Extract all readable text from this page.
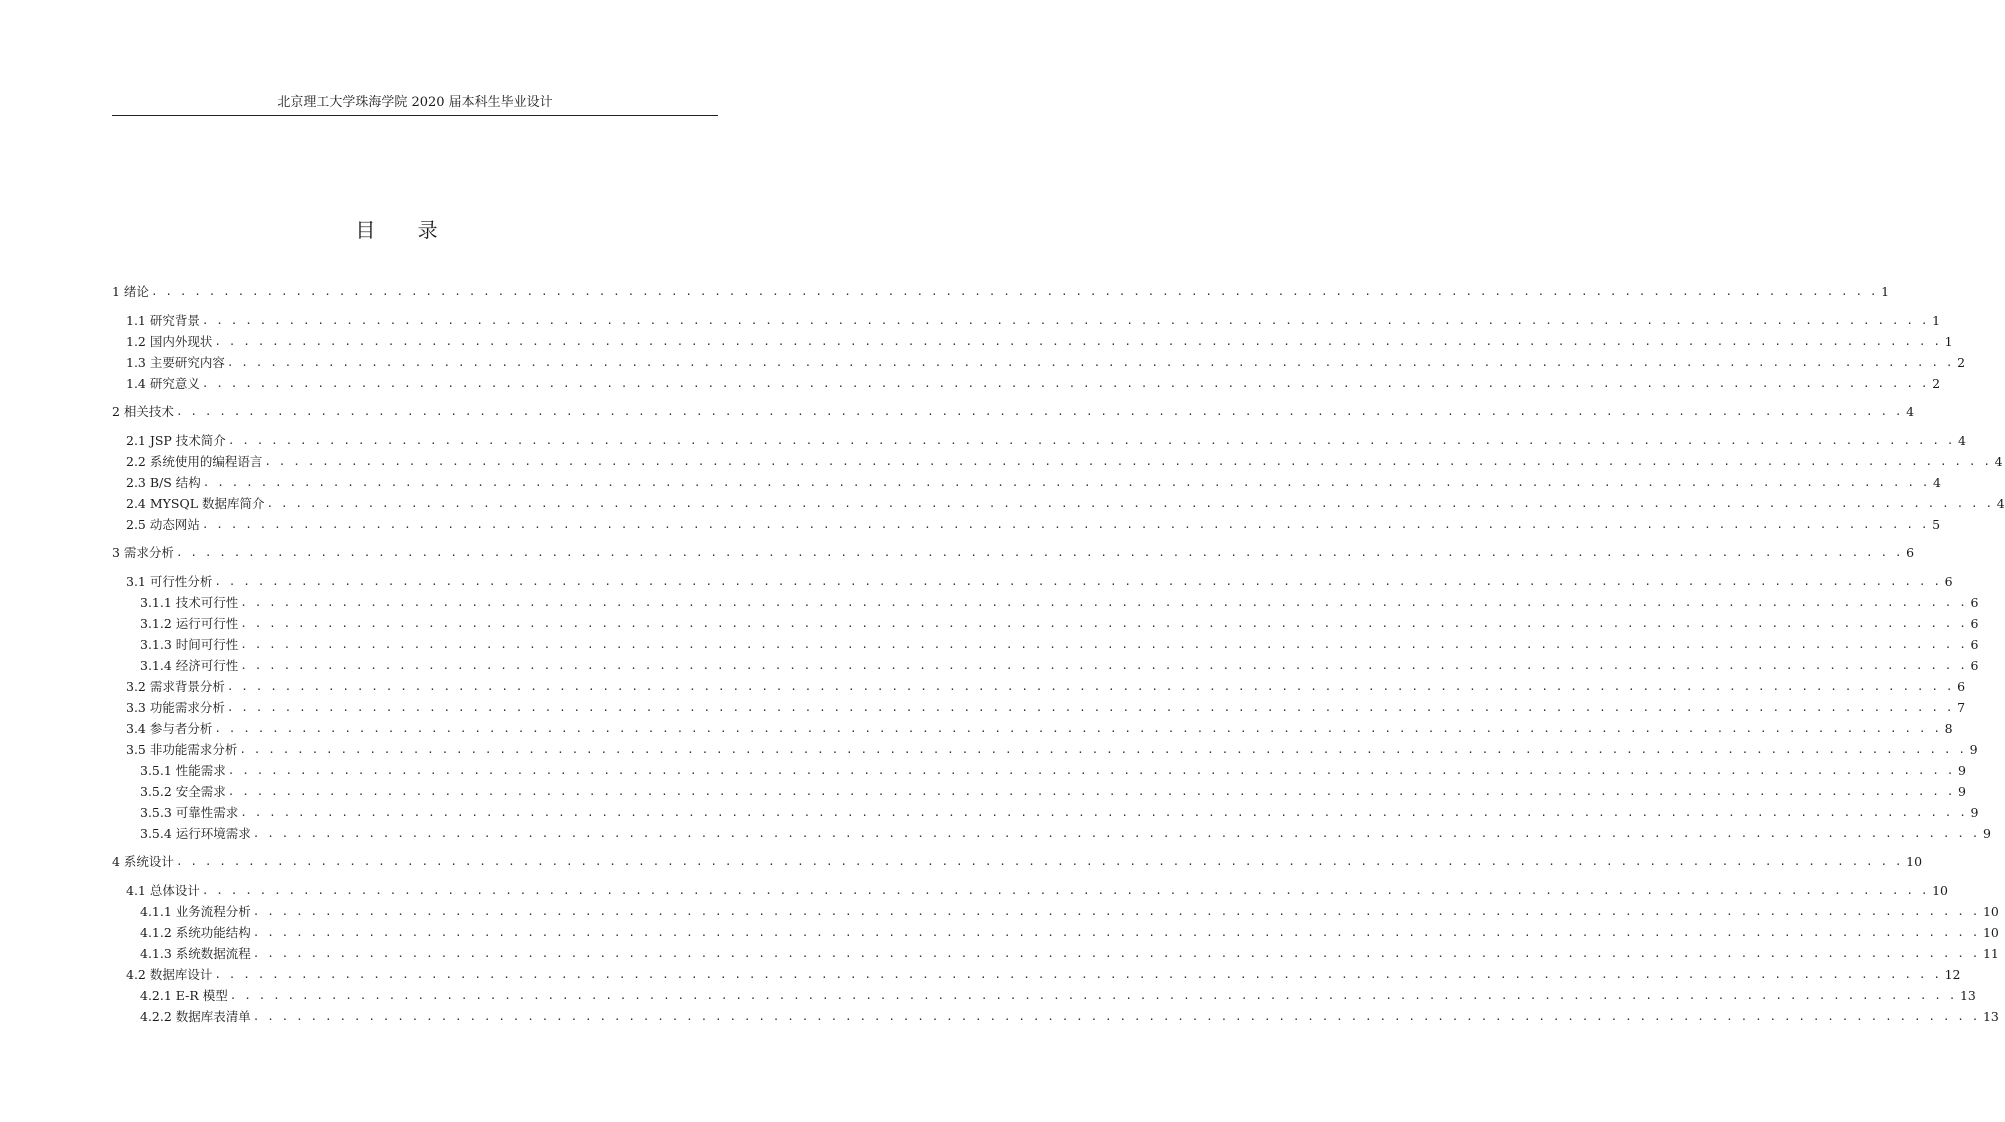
北京理工大学珠海学院 2020 届本科生毕业设计
目 录
1 绪论 . . . . . . . . . . . . . . . . . . . . . . . . . . . . . . . . . . . . . . . . . . . . . . . . . . . . . . . . . . . . . . . . . . . . . . . . . . . . . . . . . . . . . . . . . . . . . . . . . . . . . . . . . . . . . . . . . . . . . . . . 1
1.1 研究背景 . . . . . . . . . . . . . . . . . . . . . . . . . . . . . . . . . . . . . . . . . . . . . . . . . . . . . . . . . . . . . . . . . . . . . . . . . . . . . . . . . . . . . . . . . . . . . . . . . . . . . . . . . . . . . . . . . . . . . . . . 1
1.2 国内外现状 . . . . . . . . . . . . . . . . . . . . . . . . . . . . . . . . . . . . . . . . . . . . . . . . . . . . . . . . . . . . . . . . . . . . . . . . . . . . . . . . . . . . . . . . . . . . . . . . . . . . . . . . . . . . . . . . . . . . . . . . 1
1.3 主要研究内容 . . . . . . . . . . . . . . . . . . . . . . . . . . . . . . . . . . . . . . . . . . . . . . . . . . . . . . . . . . . . . . . . . . . . . . . . . . . . . . . . . . . . . . . . . . . . . . . . . . . . . . . . . . . . . . . . . . . . . . . . 2
1.4 研究意义 . . . . . . . . . . . . . . . . . . . . . . . . . . . . . . . . . . . . . . . . . . . . . . . . . . . . . . . . . . . . . . . . . . . . . . . . . . . . . . . . . . . . . . . . . . . . . . . . . . . . . . . . . . . . . . . . . . . . . . . . 2
2 相关技术 . . . . . . . . . . . . . . . . . . . . . . . . . . . . . . . . . . . . . . . . . . . . . . . . . . . . . . . . . . . . . . . . . . . . . . . . . . . . . . . . . . . . . . . . . . . . . . . . . . . . . . . . . . . . . . . . . . . . . . . . 4
2.1 JSP 技术简介 . . . . . . . . . . . . . . . . . . . . . . . . . . . . . . . . . . . . . . . . . . . . . . . . . . . . . . . . . . . . . . . . . . . . . . . . . . . . . . . . . . . . . . . . . . . . . . . . . . . . . . . . . . . . . . . . . . . . . . . . 4
2.2 系统使用的编程语言 . . . . . . . . . . . . . . . . . . . . . . . . . . . . . . . . . . . . . . . . . . . . . . . . . . . . . . . . . . . . . . . . . . . . . . . . . . . . . . . . . . . . . . . . . . . . . . . . . . . . . . . . . . . . . . . . . . . . . . . . 4
2.3 B/S 结构 . . . . . . . . . . . . . . . . . . . . . . . . . . . . . . . . . . . . . . . . . . . . . . . . . . . . . . . . . . . . . . . . . . . . . . . . . . . . . . . . . . . . . . . . . . . . . . . . . . . . . . . . . . . . . . . . . . . . . . . . 4
2.4 MYSQL 数据库简介 . . . . . . . . . . . . . . . . . . . . . . . . . . . . . . . . . . . . . . . . . . . . . . . . . . . . . . . . . . . . . . . . . . . . . . . . . . . . . . . . . . . . . . . . . . . . . . . . . . . . . . . . . . . . . . . . . . . . . . . . 4
2.5 动态网站 . . . . . . . . . . . . . . . . . . . . . . . . . . . . . . . . . . . . . . . . . . . . . . . . . . . . . . . . . . . . . . . . . . . . . . . . . . . . . . . . . . . . . . . . . . . . . . . . . . . . . . . . . . . . . . . . . . . . . . . . 5
3 需求分析 . . . . . . . . . . . . . . . . . . . . . . . . . . . . . . . . . . . . . . . . . . . . . . . . . . . . . . . . . . . . . . . . . . . . . . . . . . . . . . . . . . . . . . . . . . . . . . . . . . . . . . . . . . . . . . . . . . . . . . . . 6
3.1 可行性分析 . . . . . . . . . . . . . . . . . . . . . . . . . . . . . . . . . . . . . . . . . . . . . . . . . . . . . . . . . . . . . . . . . . . . . . . . . . . . . . . . . . . . . . . . . . . . . . . . . . . . . . . . . . . . . . . . . . . . . . . . 6
3.1.1 技术可行性 . . . . . . . . . . . . . . . . . . . . . . . . . . . . . . . . . . . . . . . . . . . . . . . . . . . . . . . . . . . . . . . . . . . . . . . . . . . . . . . . . . . . . . . . . . . . . . . . . . . . . . . . . . . . . . . . . . . . . . . . 6
3.1.2 运行可行性 . . . . . . . . . . . . . . . . . . . . . . . . . . . . . . . . . . . . . . . . . . . . . . . . . . . . . . . . . . . . . . . . . . . . . . . . . . . . . . . . . . . . . . . . . . . . . . . . . . . . . . . . . . . . . . . . . . . . . . . . 6
3.1.3 时间可行性 . . . . . . . . . . . . . . . . . . . . . . . . . . . . . . . . . . . . . . . . . . . . . . . . . . . . . . . . . . . . . . . . . . . . . . . . . . . . . . . . . . . . . . . . . . . . . . . . . . . . . . . . . . . . . . . . . . . . . . . . 6
3.1.4 经济可行性 . . . . . . . . . . . . . . . . . . . . . . . . . . . . . . . . . . . . . . . . . . . . . . . . . . . . . . . . . . . . . . . . . . . . . . . . . . . . . . . . . . . . . . . . . . . . . . . . . . . . . . . . . . . . . . . . . . . . . . . . 6
3.2 需求背景分析 . . . . . . . . . . . . . . . . . . . . . . . . . . . . . . . . . . . . . . . . . . . . . . . . . . . . . . . . . . . . . . . . . . . . . . . . . . . . . . . . . . . . . . . . . . . . . . . . . . . . . . . . . . . . . . . . . . . . . . . . 6
3.3 功能需求分析 . . . . . . . . . . . . . . . . . . . . . . . . . . . . . . . . . . . . . . . . . . . . . . . . . . . . . . . . . . . . . . . . . . . . . . . . . . . . . . . . . . . . . . . . . . . . . . . . . . . . . . . . . . . . . . . . . . . . . . . . 7
3.4 参与者分析 . . . . . . . . . . . . . . . . . . . . . . . . . . . . . . . . . . . . . . . . . . . . . . . . . . . . . . . . . . . . . . . . . . . . . . . . . . . . . . . . . . . . . . . . . . . . . . . . . . . . . . . . . . . . . . . . . . . . . . . . 8
3.5 非功能需求分析 . . . . . . . . . . . . . . . . . . . . . . . . . . . . . . . . . . . . . . . . . . . . . . . . . . . . . . . . . . . . . . . . . . . . . . . . . . . . . . . . . . . . . . . . . . . . . . . . . . . . . . . . . . . . . . . . . . . . . . . . 9
3.5.1 性能需求 . . . . . . . . . . . . . . . . . . . . . . . . . . . . . . . . . . . . . . . . . . . . . . . . . . . . . . . . . . . . . . . . . . . . . . . . . . . . . . . . . . . . . . . . . . . . . . . . . . . . . . . . . . . . . . . . . . . . . . . . 9
3.5.2 安全需求 . . . . . . . . . . . . . . . . . . . . . . . . . . . . . . . . . . . . . . . . . . . . . . . . . . . . . . . . . . . . . . . . . . . . . . . . . . . . . . . . . . . . . . . . . . . . . . . . . . . . . . . . . . . . . . . . . . . . . . . . 9
3.5.3 可靠性需求 . . . . . . . . . . . . . . . . . . . . . . . . . . . . . . . . . . . . . . . . . . . . . . . . . . . . . . . . . . . . . . . . . . . . . . . . . . . . . . . . . . . . . . . . . . . . . . . . . . . . . . . . . . . . . . . . . . . . . . . . 9
3.5.4 运行环境需求 . . . . . . . . . . . . . . . . . . . . . . . . . . . . . . . . . . . . . . . . . . . . . . . . . . . . . . . . . . . . . . . . . . . . . . . . . . . . . . . . . . . . . . . . . . . . . . . . . . . . . . . . . . . . . . . . . . . . . . . . 9
4 系统设计 . . . . . . . . . . . . . . . . . . . . . . . . . . . . . . . . . . . . . . . . . . . . . . . . . . . . . . . . . . . . . . . . . . . . . . . . . . . . . . . . . . . . . . . . . . . . . . . . . . . . . . . . . . . . . . . . . . . . . . . . 10
4.1 总体设计 . . . . . . . . . . . . . . . . . . . . . . . . . . . . . . . . . . . . . . . . . . . . . . . . . . . . . . . . . . . . . . . . . . . . . . . . . . . . . . . . . . . . . . . . . . . . . . . . . . . . . . . . . . . . . . . . . . . . . . . . 10
4.1.1 业务流程分析 . . . . . . . . . . . . . . . . . . . . . . . . . . . . . . . . . . . . . . . . . . . . . . . . . . . . . . . . . . . . . . . . . . . . . . . . . . . . . . . . . . . . . . . . . . . . . . . . . . . . . . . . . . . . . . . . . . . . . . . . 10
4.1.2 系统功能结构 . . . . . . . . . . . . . . . . . . . . . . . . . . . . . . . . . . . . . . . . . . . . . . . . . . . . . . . . . . . . . . . . . . . . . . . . . . . . . . . . . . . . . . . . . . . . . . . . . . . . . . . . . . . . . . . . . . . . . . . . 10
4.1.3 系统数据流程 . . . . . . . . . . . . . . . . . . . . . . . . . . . . . . . . . . . . . . . . . . . . . . . . . . . . . . . . . . . . . . . . . . . . . . . . . . . . . . . . . . . . . . . . . . . . . . . . . . . . . . . . . . . . . . . . . . . . . . . . 11
4.2 数据库设计 . . . . . . . . . . . . . . . . . . . . . . . . . . . . . . . . . . . . . . . . . . . . . . . . . . . . . . . . . . . . . . . . . . . . . . . . . . . . . . . . . . . . . . . . . . . . . . . . . . . . . . . . . . . . . . . . . . . . . . . . 12
4.2.1 E-R 模型 . . . . . . . . . . . . . . . . . . . . . . . . . . . . . . . . . . . . . . . . . . . . . . . . . . . . . . . . . . . . . . . . . . . . . . . . . . . . . . . . . . . . . . . . . . . . . . . . . . . . . . . . . . . . . . . . . . . . . . . . 13
4.2.2 数据库表清单 . . . . . . . . . . . . . . . . . . . . . . . . . . . . . . . . . . . . . . . . . . . . . . . . . . . . . . . . . . . . . . . . . . . . . . . . . . . . . . . . . . . . . . . . . . . . . . . . . . . . . . . . . . . . . . . . . . . . . . . . 13
